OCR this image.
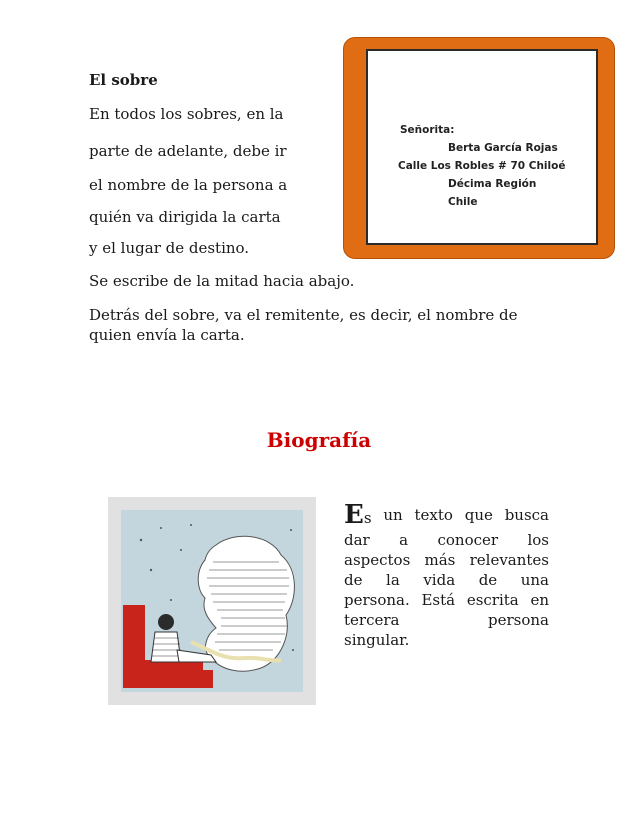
El sobre
En todos los sobres, en la
parte de adelante, debe ir
el nombre de la persona a
quién va dirigida la carta
y el lugar de destino.
Se escribe de la mitad hacia abajo.
Detrás del sobre, va el remitente, es decir, el nombre de quien envía la carta.
Señorita:
Berta García Rojas
Calle Los Robles # 70 Chiloé
Décima Región
Chile
Biografía
Es un texto que busca
dar a conocer los
aspectos más relevantes
de la vida de una
persona. Está escrita en
tercera	persona
singular.
